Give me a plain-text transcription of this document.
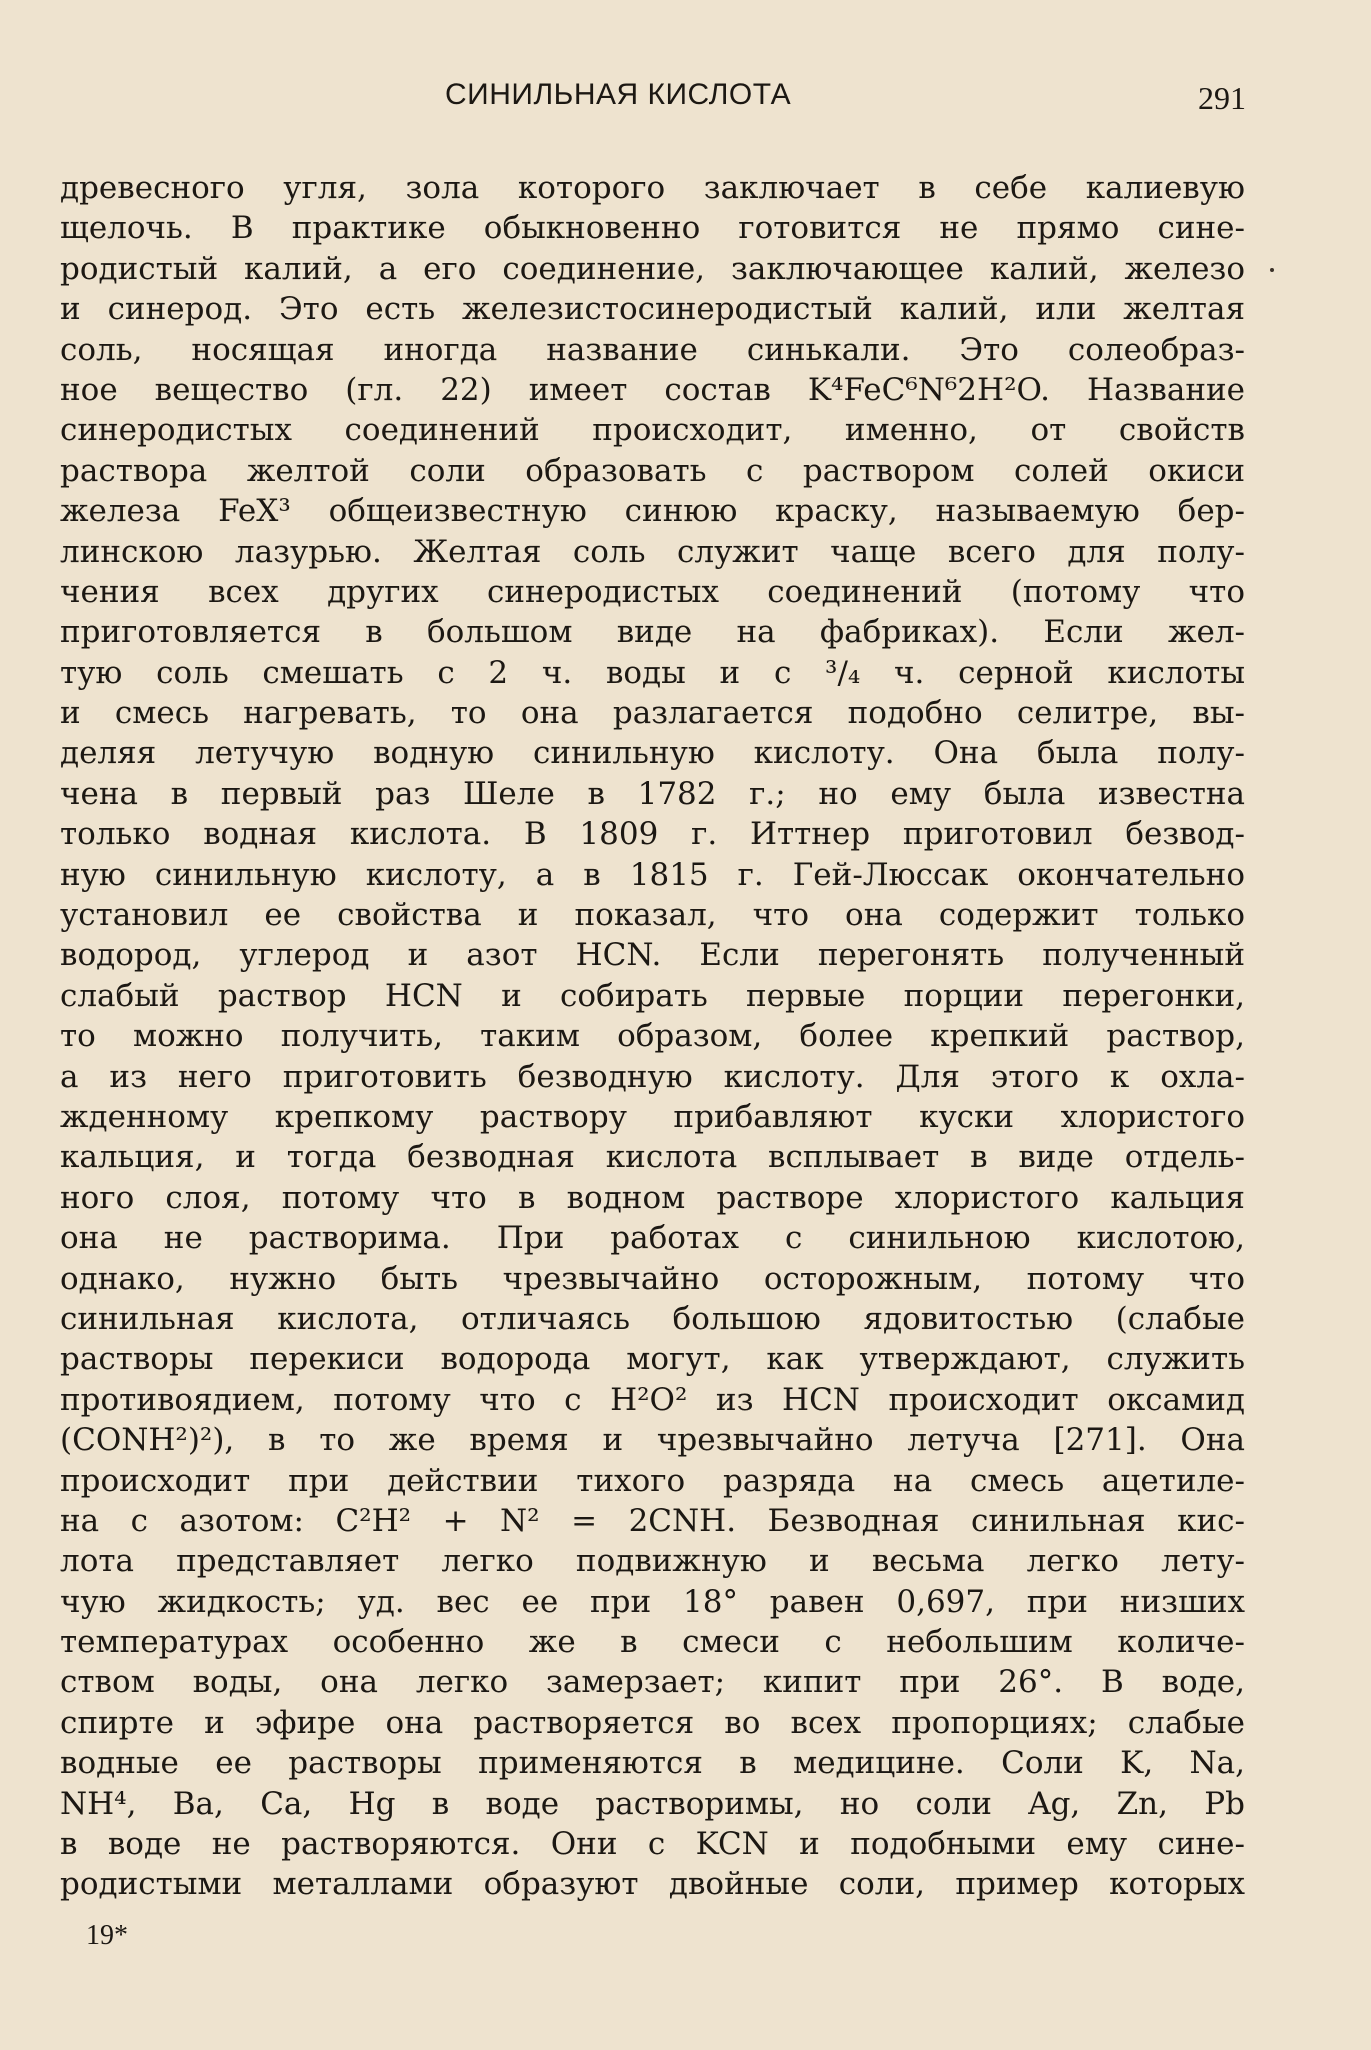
СИНИЛЬНАЯ КИСЛОТА	291
древесного угля, зола которого заключает в себе калиевую
щелочь. В практике обыкновенно готовится не прямо сине-
родистый калий, а его соединение, заключающее калий, железо
и синерод. Это есть железистосинеродистый калий, или желтая
соль, носящая иногда название синькали. Это солеобраз-
ное вещество (гл. 22) имеет состав K⁴FeC⁶N⁶2H²O. Название
синеродистых соединений происходит, именно, от свойств
раствора желтой соли образовать с раствором солей окиси
железа FeX³ общеизвестную синюю краску, называемую бер-
линскою лазурью. Желтая соль служит чаще всего для полу-
чения всех других синеродистых соединений (потому что
приготовляется в большом виде на фабриках). Если жел-
тую соль смешать с 2 ч. воды и с ³/₄ ч. серной кислоты
и смесь нагревать, то она разлагается подобно селитре, вы-
деляя летучую водную синильную кислоту. Она была полу-
чена в первый раз Шеле в 1782 г.; но ему была известна
только водная кислота. В 1809 г. Иттнер приготовил безвод-
ную синильную кислоту, а в 1815 г. Гей-Люссак окончательно
установил ее свойства и показал, что она содержит только
водород, углерод и азот HCN. Если перегонять полученный
слабый раствор HCN и собирать первые порции перегонки,
то можно получить, таким образом, более крепкий раствор,
а из него приготовить безводную кислоту. Для этого к охла-
жденному крепкому раствору прибавляют куски хлористого
кальция, и тогда безводная кислота всплывает в виде отдель-
ного слоя, потому что в водном растворе хлористого кальция
она не растворима. При работах с синильною кислотою,
однако, нужно быть чрезвычайно осторожным, потому что
синильная кислота, отличаясь большою ядовитостью (слабые
растворы перекиси водорода могут, как утверждают, служить
противоядием, потому что с H²O² из HCN происходит оксамид
(CONH²)²), в то же время и чрезвычайно летуча [271]. Она
происходит при действии тихого разряда на смесь ацетиле-
на с азотом: C²H² + N² = 2CNH. Безводная синильная кис-
лота представляет легко подвижную и весьма легко лету-
чую жидкость; уд. вес ее при 18° равен 0,697, при низших
температурах особенно же в смеси с небольшим количе-
ством воды, она легко замерзает; кипит при 26°. В воде,
спирте и эфире она растворяется во всех пропорциях; слабые
водные ее растворы применяются в медицине. Соли K, Na,
NH⁴, Ba, Ca, Hg в воде растворимы, но соли Ag, Zn, Pb
в воде не растворяются. Они с KCN и подобными ему сине-
родистыми металлами образуют двойные соли, пример которых
19*
